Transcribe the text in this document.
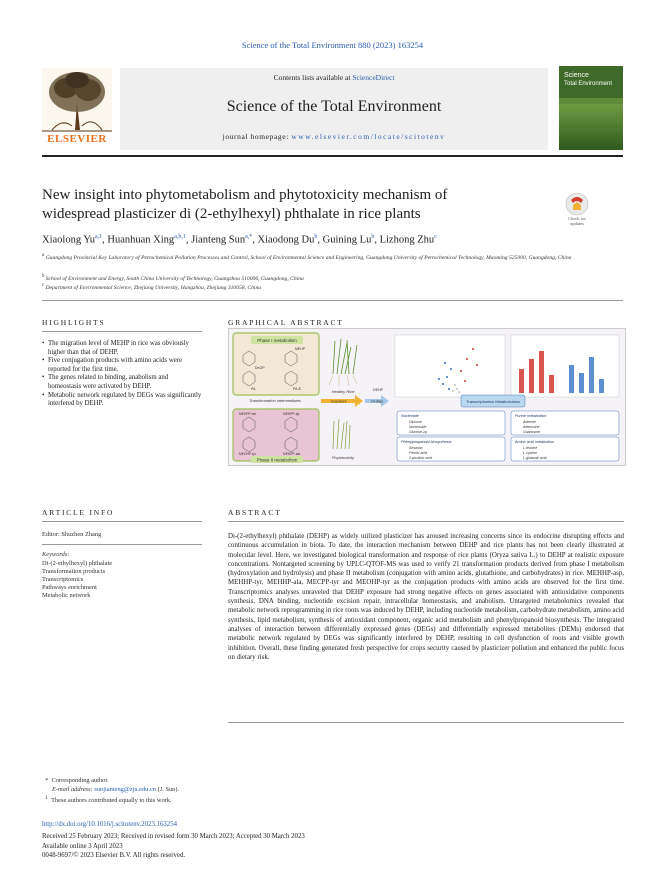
Science of the Total Environment 880 (2023) 163254
ELSEVIER
Contents lists available at ScienceDirect
Science of the Total Environment
journal homepage: www.elsevier.com/locate/scitotenv
Science
Total Environment
New insight into phytometabolism and phytotoxicity mechanism of
widespread plasticizer di (2-ethylhexyl) phthalate in rice plants	Check for
updates
Xiaolong Yu$^{a,1}$, Huanhuan Xing$^{a,b,1}$, Jianteng Sun$^{a,*}$, Xiaodong Du$^b$, Guining Lu$^b$, Lizhong Zhu$^c$
$^a$ Guangdong Provincial Key Laboratory of Petrochemical Pollution Processes and Control, School of Environmental Science and Engineering, Guangdong University of Petrochemical Technology, Maoming 525000, Guangdong, China
$^b$ School of Environment and Energy, South China University of Technology, Guangzhou 510006, Guangdong, China
$^c$ Department of Environmental Science, Zhejiang University, Hangzhou, Zhejiang 310058, China
HIGHLIGHTS
• The migration level of MEHP in rice was obviously higher than that of DEHP.
• Five conjugation products with amino acids were reported for the first time.
• The genes related to binding, anabolism and homeostasis were activated by DEHP.
• Metabolic network regulated by DEGs was significantly interfered by DEHP.
GRAPHICAL ABSTRACT
Phase I metabolism
DnOP
MEHP
PA	PA-E
Transformation intermediates
MEHPP-ser	MEHPP-tyr
MEOHP-tyr	MEHPP-ala
Phase II metabolism
Healthy Rice
Exposure
DEHP
14 days
Phytotoxicity
Transcriptomics Metabolomics
Nucleotide
Glucose
Nucleoside
Glucose-1p
Purine metabolism
Adenine
Adenosine
Guanosine
Phenylpropanoid biosynthesis
Sesamin
Ferulic acid
2-picolinic acid
Amino acid metabolism
L-leucine
L-cystine
L-glutamic acid
ARTICLE INFO
Editor: Shuzhen Zhang
Keywords:
Di-(2-ethylhexyl) phthalate
Transformation products
Transcriptomics
Pathways enrichment
Metabolic network
ABSTRACT
Di-(2-ethylhexyl) phthalate (DEHP) as widely utilized plasticizer has aroused increasing concerns since its endocrine disrupting effects and continuous accumulation in biota. To date, the interaction mechanism between DEHP and rice plants has not been clearly illustrated at molecular level. Here, we investigated biological transformation and response of rice plants (Oryza sativa L.) to DEHP at realistic exposure concentrations. Nontargeted screening by UPLC-QTOF-MS was used to verify 21 transformation products derived from phase I metabolism (hydroxylation and hydrolysis) and phase II metabolism (conjugation with amino acids, glutathione, and carbohydrates) in rice. MEHHP-asp, MEHHP-tyr, MEHHP-ala, MECPP-tyr and MEOHP-tyr as the conjugation products with amino acids are observed for the first time. Transcriptomics analyses unraveled that DEHP exposure had strong negative effects on genes associated with antioxidative components synthesis, DNA binding, nucleotide excision repair, intracellular homeostasis, and anabolism. Untargeted metabolomics revealed that metabolic network reprogramming in rice roots was induced by DEHP, including nucleotide metabolism, carbohydrate metabolism, amino acid synthesis, lipid metabolism, synthesis of antioxidant component, organic acid metabolism and phenylpropanoid biosynthesis. The integrated analyses of interaction between differentially expressed genes (DEGs) and differentially expressed metabolites (DEMs) endorsed that metabolic network regulated by DEGs was significantly interfered by DEHP, resulting in cell dysfunction of roots and visible growth inhibition. Overall, these finding generated fresh perspective for crops security caused by plasticizer pollution and enhanced the public focus on dietary risk.
*  Corresponding author.
E-mail address: sunjianteng@zju.edu.cn (J. Sun).
$^1$ These authors contributed equally to this work.
http://dx.doi.org/10.1016/j.scitotenv.2023.163254
Received 25 February 2023; Received in revised form 30 March 2023; Accepted 30 March 2023
Available online 3 April 2023
0048-9697/© 2023 Elsevier B.V. All rights reserved.
